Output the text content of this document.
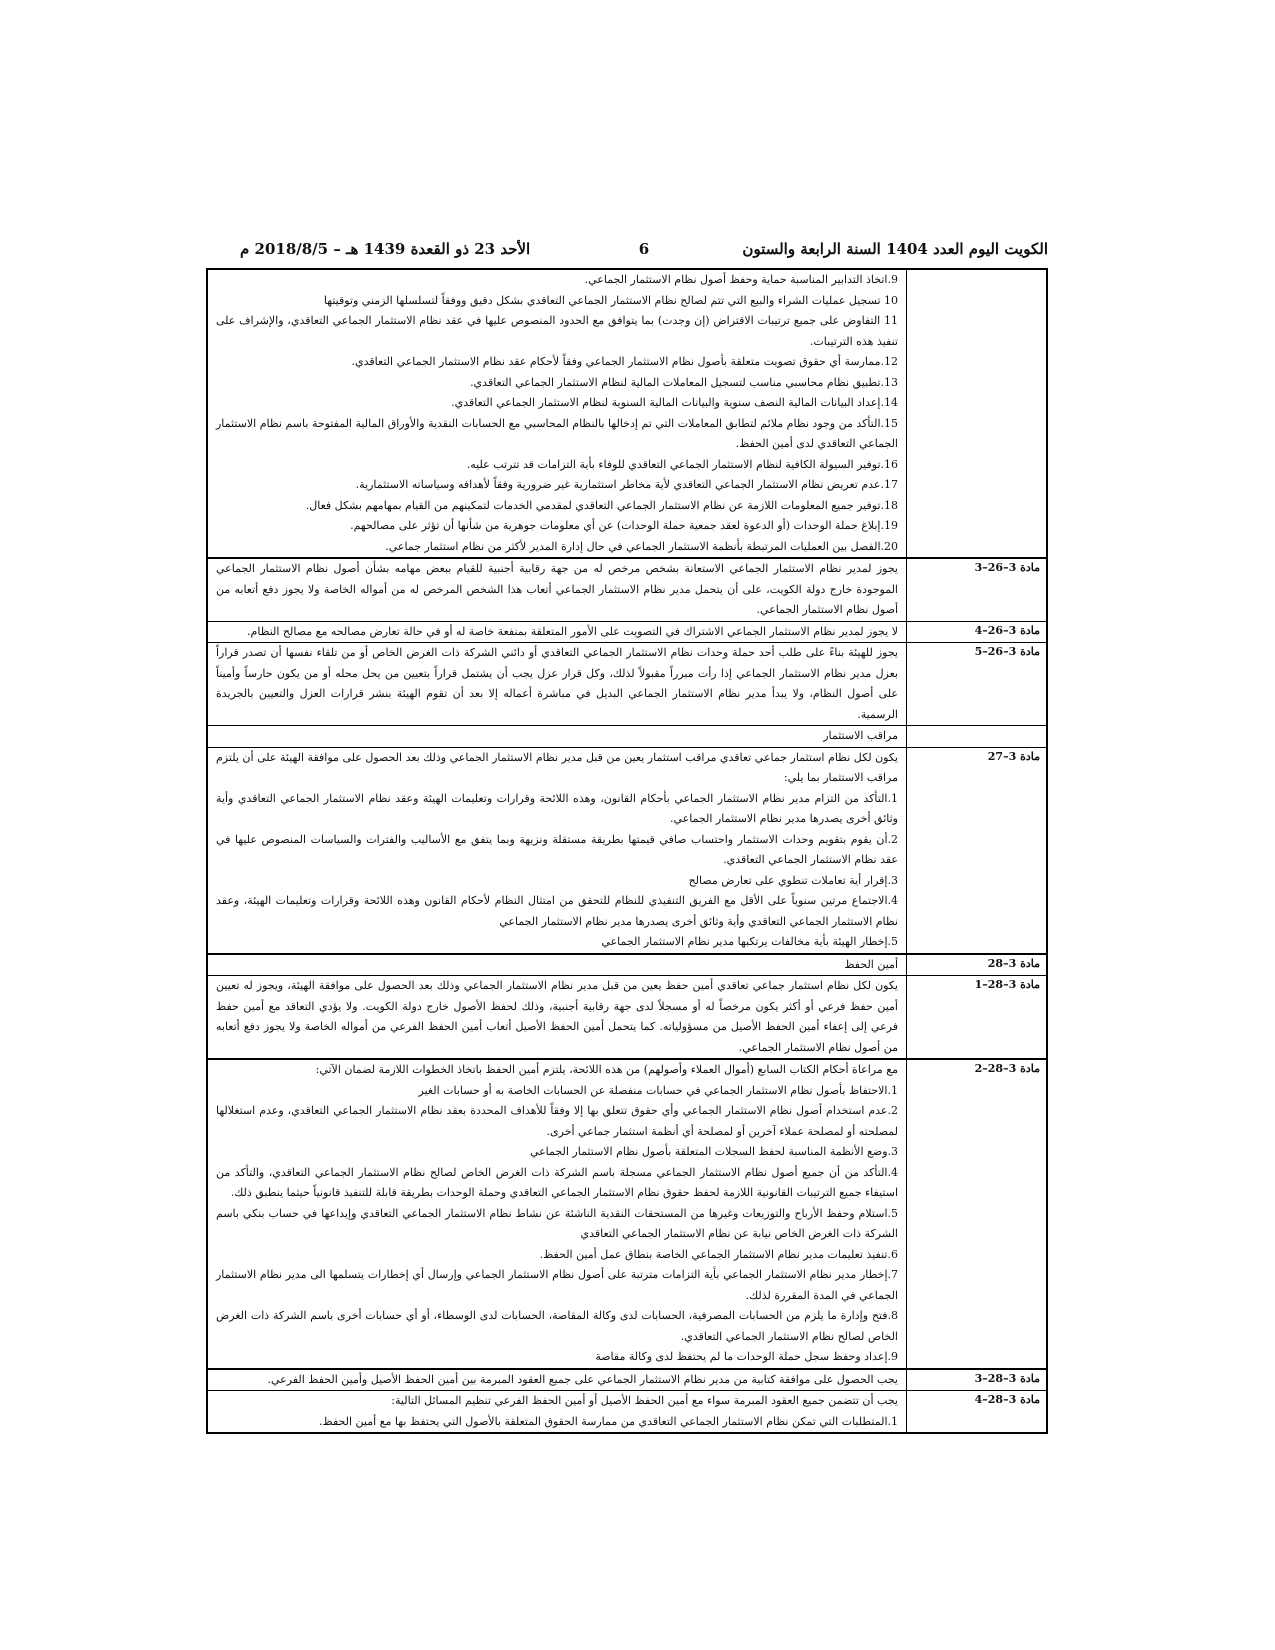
الكويت اليوم العدد 1404 السنة الرابعة والستون
6
الأحد 23 ذو القعدة 1439 هـ – 2018/8/5 م

9.اتخاذ التدابير المناسبة حماية وحفظ أصول نظام الاستثمار الجماعي.

10 تسجيل عمليات الشراء والبيع التي تتم لصالح نظام الاستثمار الجماعي التعاقدي بشكل دقيق ووفقاً لتسلسلها الزمني وتوقيتها

11 التفاوض على جميع ترتيبات الاقتراض (إن وجدت) بما يتوافق مع الحدود المنصوص عليها في عقد نظام الاستثمار الجماعي التعاقدي، والإشراف على تنفيذ هذه الترتيبات.

12.ممارسة أي حقوق تصويت متعلقة بأصول نظام الاستثمار الجماعي وفقاً لأحكام عقد نظام الاستثمار الجماعي التعاقدي.

13.تطبيق نظام محاسبي مناسب لتسجيل المعاملات المالية لنظام الاستثمار الجماعي التعاقدي.

14.إعداد البيانات المالية النصف سنوية والبيانات المالية السنوية لنظام الاستثمار الجماعي التعاقدي.

15.التأكد من وجود نظام ملائم لتطابق المعاملات التي تم إدخالها بالنظام المحاسبي مع الحسابات النقدية والأوراق المالية المفتوحة باسم نظام الاستثمار الجماعي التعاقدي لدى أمين الحفظ.

16.توفير السيولة الكافية لنظام الاستثمار الجماعي التعاقدي للوفاء بأية التزامات قد تترتب عليه.

17.عدم تعريض نظام الاستثمار الجماعي التعاقدي لأية مخاطر استثمارية غير ضرورية وفقاً لأهدافه وسياساته الاستثمارية.

18.توفير جميع المعلومات اللازمة عن نظام الاستثمار الجماعي التعاقدي لمقدمي الخدمات لتمكينهم من القيام بمهامهم بشكل فعال.

19.إبلاغ حملة الوحدات (أو الدعوة لعقد جمعية حملة الوحدات) عن أي معلومات جوهرية من شأنها أن تؤثر على مصالحهم.

20.الفصل بين العمليات المرتبطة بأنظمة الاستثمار الجماعي في حال إدارة المدير لأكثر من نظام استثمار جماعي.

مادة 3–26–3

يجوز لمدير نظام الاستثمار الجماعي الاستعانة بشخص مرخص له من جهة رقابية أجنبية للقيام ببعض مهامه بشأن أصول نظام الاستثمار الجماعي الموجودة خارج دولة الكويت، على أن يتحمل مدير نظام الاستثمار الجماعي أتعاب هذا الشخص المرخص له من أمواله الخاصة ولا يجوز دفع أتعابه من أصول نظام الاستثمار الجماعي.

مادة 3–26–4

لا يجوز لمدير نظام الاستثمار الجماعي الاشتراك في التصويت على الأمور المتعلقة بمنفعة خاصة له أو في حالة تعارض مصالحه مع مصالح النظام.

مادة 3–26–5

يجوز للهيئة بناءً على طلب أحد حملة وحدات نظام الاستثمار الجماعي التعاقدي أو دائني الشركة ذات الغرض الخاص أو من تلقاء نفسها أن تصدر قراراً بعزل مدير نظام الاستثمار الجماعي إذا رأت مبرراً مقبولاً لذلك، وكل قرار عزل يجب أن يشتمل قراراً بتعيين من يحل محله أو من يكون حارساً وأميناً على أصول النظام، ولا يبدأ مدير نظام الاستثمار الجماعي البديل في مباشرة أعماله إلا بعد أن تقوم الهيئة بنشر قرارات العزل والتعيين بالجريدة الرسمية.

مراقب الاستثمار

مادة 3–27

يكون لكل نظام استثمار جماعي تعاقدي مراقب استثمار يعين من قبل مدير نظام الاستثمار الجماعي وذلك بعد الحصول على موافقة الهيئة على أن يلتزم مراقب الاستثمار بما يلي:

1.التأكد من التزام مدير نظام الاستثمار الجماعي بأحكام القانون، وهذه اللائحة وقرارات وتعليمات الهيئة وعقد نظام الاستثمار الجماعي التعاقدي وأية وثائق أخرى يصدرها مدير نظام الاستثمار الجماعي.

2.أن يقوم بتقويم وحدات الاستثمار واحتساب صافي قيمتها بطريقة مستقلة ونزيهة وبما يتفق مع الأساليب والفترات والسياسات المنصوص عليها في عقد نظام الاستثمار الجماعي التعاقدي.

3.إقرار أية تعاملات تنطوي على تعارض مصالح

4.الاجتماع مرتين سنوياً على الأقل مع الفريق التنفيذي للنظام للتحقق من امتثال النظام لأحكام القانون وهذه اللائحة وقرارات وتعليمات الهيئة، وعقد نظام الاستثمار الجماعي التعاقدي وأية وثائق أخرى يصدرها مدير نظام الاستثمار الجماعي

5.إخطار الهيئة بأية مخالفات يرتكبها مدير نظام الاستثمار الجماعي

مادة 3–28

أمين الحفظ

مادة 3–28–1

يكون لكل نظام استثمار جماعي تعاقدي أمين حفظ يعين من قبل مدير نظام الاستثمار الجماعي وذلك بعد الحصول على موافقة الهيئة، ويجوز له تعيين أمين حفظ فرعي أو أكثر يكون مرخصاً له أو مسجلاً لدى جهة رقابية أجنبية، وذلك لحفظ الأصول خارج دولة الكويت. ولا يؤدي التعاقد مع أمين حفظ فرعي إلى إعفاء أمين الحفظ الأصيل من مسؤولياته. كما يتحمل أمين الحفظ الأصيل أتعاب أمين الحفظ الفرعي من أمواله الخاصة ولا يجوز دفع أتعابه من أصول نظام الاستثمار الجماعي.

مادة 3–28–2

مع مراعاة أحكام الكتاب السابع (أموال العملاء وأصولهم) من هذه اللائحة، يلتزم أمين الحفظ باتخاذ الخطوات اللازمة لضمان الآتي:

1.الاحتفاظ بأصول نظام الاستثمار الجماعي في حسابات منفصلة عن الحسابات الخاصة به أو حسابات الغير

2.عدم استخدام أصول نظام الاستثمار الجماعي وأي حقوق تتعلق بها إلا وفقاً للأهداف المحددة بعقد نظام الاستثمار الجماعي التعاقدي، وعدم استغلالها لمصلحته أو لمصلحة عملاء آخرين أو لمصلحة أي أنظمة استثمار جماعي أخرى.

3.وضع الأنظمة المناسبة لحفظ السجلات المتعلقة بأصول نظام الاستثمار الجماعي

4.التأكد من أن جميع أصول نظام الاستثمار الجماعي مسجلة باسم الشركة ذات الغرض الخاص لصالح نظام الاستثمار الجماعي التعاقدي، والتأكد من استيفاء جميع الترتيبات القانونية اللازمة لحفظ حقوق نظام الاستثمار الجماعي التعاقدي وحملة الوحدات بطريقة قابلة للتنفيذ قانونياً حيثما ينطبق ذلك.

5.استلام وحفظ الأرباح والتوزيعات وغيرها من المستحقات النقدية الناشئة عن نشاط نظام الاستثمار الجماعي التعاقدي وإيداعها في حساب بنكي باسم الشركة ذات الغرض الخاص نيابة عن نظام الاستثمار الجماعي التعاقدي

6.تنفيذ تعليمات مدير نظام الاستثمار الجماعي الخاصة بنطاق عمل أمين الحفظ.

7.إخطار مدير نظام الاستثمار الجماعي بأية التزامات مترتبة على أصول نظام الاستثمار الجماعي وإرسال أي إخطارات يتسلمها الى مدير نظام الاستثمار الجماعي في المدة المقررة لذلك.

8.فتح وإدارة ما يلزم من الحسابات المصرفية، الحسابات لدى وكالة المقاصة، الحسابات لدى الوسطاء، أو أي حسابات أخرى باسم الشركة ذات الغرض الخاص لصالح نظام الاستثمار الجماعي التعاقدي.

9.إعداد وحفظ سجل حملة الوحدات ما لم يحتفظ لدى وكالة مقاصة

مادة 3–28–3

يجب الحصول على موافقة كتابية من مدير نظام الاستثمار الجماعي على جميع العقود المبرمة بين أمين الحفظ الأصيل وأمين الحفظ الفرعي.

مادة 3–28–4

يجب أن تتضمن جميع العقود المبرمة سواء مع أمين الحفظ الأصيل أو أمين الحفظ الفرعي تنظيم المسائل التالية:

1.المتطلبات التي تمكن نظام الاستثمار الجماعي التعاقدي من ممارسة الحقوق المتعلقة بالأصول التي يحتفظ بها مع أمين الحفظ.
